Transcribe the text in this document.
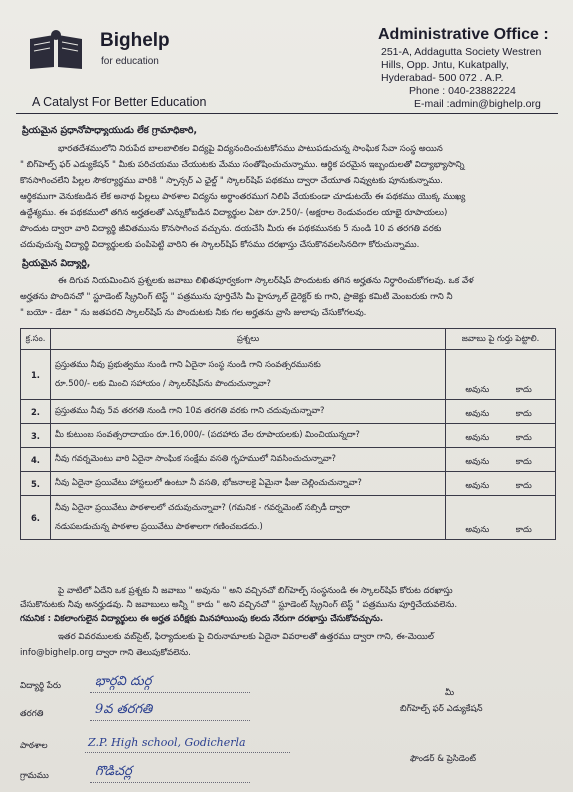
Bighelp
for education
A Catalyst For Better Education
Administrative Office :
251-A, Addagutta Society Westren
Hills, Opp. Jntu, Kukatpally,
Hyderabad- 500 072 . A.P.
Phone : 040-23882224
E-mail :admin@bighelp.org
ప్రియమైన ప్రధానోపాధ్యాయుడు లేక గ్రామాధికారి,
భారతదేశములోని నిరుపేద బాలబాలికల విద్యపై విద్యనందించుటకోసము పాటుపడుచున్న సాంఘిక సేవా సంస్థ అయిన
" బిగ్‌హెల్ప్ ఫర్ ఎడ్యుకేషన్ " మీకు పరిచయము చేయుటకు మేము సంతోషించుచున్నాము. ఆర్థిక పరమైన ఇబ్బందులతో విద్యాభ్యాసాన్ని
కొనసాగించలేని పిల్లల సౌకర్యార్థము వారికి " స్పాన్సర్ ఎ ఛైల్డ్ " స్కాలర్‌షిప్ పథకము ద్వారా చేయూత నివ్వుటకు పూనుకున్నాము.
ఆర్థికముగా వెనుకబడిన లేక అనాథ పిల్లలు పాఠశాల విద్యను అర్థాంతరముగ నిలిపి వేయకుండా చూడుటయే ఈ పథకము యొక్క ముఖ్య
ఉద్దేశ్యము. ఈ పథకములో తగిన అర్హతలతో ఎన్నుకోబడిన విద్యార్థుల ఏటా రూ.250/- (అక్షరాల రెండువందల యాభై రూపాయలు)
పొందుట ద్వారా వారి విద్యార్థి జీవితమును కొనసాగించ వచ్చును. దయచేసి మీరు ఈ పథకమునకు 5 నుండి 10 వ తరగతి వరకు
చదువుచున్న విద్యార్థి విద్యార్థులకు పంపిపెట్టి వారిని ఈ స్కాలర్‌షిప్ కోసము దరఖాస్తు చేసుకొనవలసినదిగా కోరుచున్నాము.
ప్రియమైన విద్యార్థి,
ఈ దిగువ నియమించిన ప్రశ్నలకు జవాబు లిఖితపూర్వకంగా స్కాలర్‌షిప్ పొందుటకు తగిన అర్హతను నిర్ధారించుకోగలవు. ఒక వేళ
అర్హతను పొందినచో " స్టూడెంట్ స్క్రీనింగ్ టెస్ట్ " పత్రమును పూర్తిచేసి మీ హైస్కూల్ డైరెక్టర్ కు గాని, ప్రాజెక్టు కమిటీ మెంబరుకు గాని నీ
" బయో - డేటా " ను జతపరచి స్కాలర్‌షిప్ ను పొందుటకు నీకు గల అర్హతను వ్రాసి జులాపు చేసుకోగలవు.
క్ర.సం.	ప్రశ్నలు	జవాబు పై గుర్తు పెట్టాలి.
1.	ప్రస్తుతము నీవు ప్రభుత్వము నుండి గాని ఏదైనా సంస్థ నుండి గాని సంవత్సరమునకు
రూ.500/- లకు మించి సహాయం / స్కాలర్‌షిప్‌ను పొందుచున్నావా?	అవును కాదు
2.	ప్రస్తుతము నీవు 5వ తరగతి నుండి గాని 10వ తరగతి వరకు గాని చదువుచున్నావా?	అవును కాదు
3.	మీ కుటుంబ సంవత్సరాదాయం రూ.16,000/- (పదహారు వేల రూపాయలకు) మించియున్నదా?	అవును కాదు
4.	నీవు గవర్నమెంటు వారి ఏదైనా సాంఘిక సంక్షేమ వసతి గృహములో నివసించుచున్నావా?	అవును కాదు
5.	నీవు ఏదైనా ప్రయివేటు హాస్టలులో ఉంటూ నీ వసతి, భోజనాలకై ఏమైనా ఫీజు చెల్లించుచున్నావా?	అవును కాదు
6.	నీవు ఏదైనా ప్రయివేటు పాఠశాలలో చదువుచున్నావా? (గమనిక - గవర్నమెంట్ సబ్సిడీ ద్వారా
నడుపబడుచున్న పాఠశాల ప్రయివేటు పాఠశాలగా గణించబడదు.)	అవును కాదు
పై వాటిలో ఏదేని ఒక ప్రశ్నకు నీ జవాబు " అవును " అని వచ్చినచో బిగ్‌హెల్ప్ సంస్థనుండి ఈ స్కాలర్‌షిప్ కోరుట దరఖాస్తు
చేసుకొనుటకు నీవు అనర్హుడవు. నీ జవాబులు అన్నీ " కాదు " అని వచ్చినచో " స్టూడెంట్ స్క్రీనింగ్ టెస్ట్ " పత్రమును పూర్తిచేయవలెను.
గమనిక : వికలాంగులైన విద్యార్థులు ఈ అర్హత పరీక్షకు మినహాయింపు కలదు నేరుగా దరఖాస్తు చేసుకోవచ్చును.
ఇతర వివరములకు వబ్‌సైట్, ఫిర్యాదులకు పై చిరునామాలకు ఏదైనా వివరాలతో ఉత్తరము ద్వారా గాని, ఈ-మెయిల్
info@bighelp.org ద్వారా గాని తెలుపుకోవలెను.
విద్యార్థి పేరు	భార్గవి దుర్గ
తరగతి	9వ తరగతి
పాఠశాల	Z.P. High school, Godicherla
గ్రామము	గొడిచర్ల
మీ
బిగ్‌హెల్ప్ ఫర్ ఎడ్యుకేషన్
ఫౌండర్ & ప్రెసిడెంట్
